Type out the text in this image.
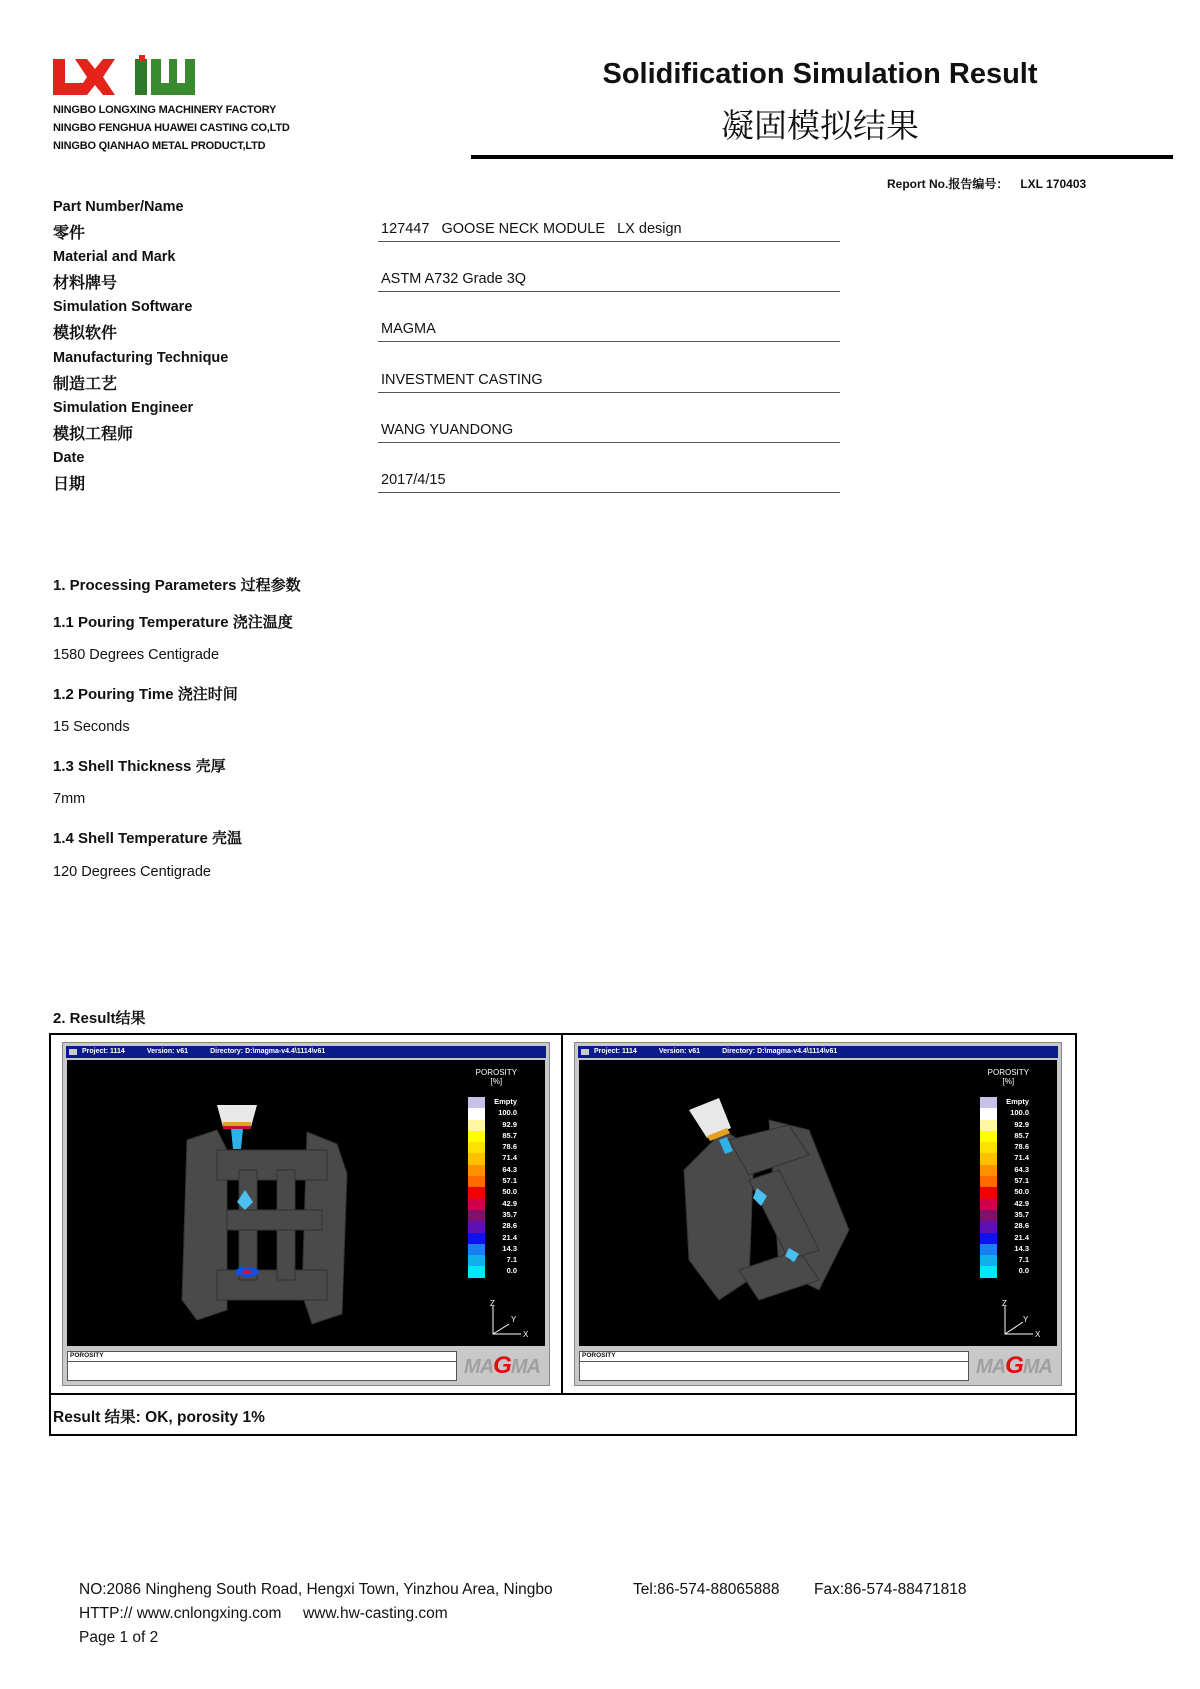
NINGBO LONGXING MACHINERY FACTORY
NINGBO FENGHUA HUAWEI CASTING CO,LTD
NINGBO QIANHAO METAL PRODUCT,LTD
Solidification Simulation Result
凝固模拟结果
Report No.报告编号： LXL 170403
Part Number/Name
零件	127447   GOOSE NECK MODULE   LX design
Material and Mark
材料牌号	ASTM A732 Grade 3Q
Simulation Software
模拟软件	MAGMA
Manufacturing Technique
制造工艺	INVESTMENT CASTING
Simulation Engineer
模拟工程师	WANG YUANDONG
Date
日期	2017/4/15
1. Processing Parameters 过程参数
1.1 Pouring Temperature 浇注温度
1580 Degrees Centigrade
1.2 Pouring Time 浇注时间
15 Seconds
1.3 Shell Thickness 壳厚
7mm
1.4 Shell Temperature 壳温
120 Degrees Centigrade
2. Result结果
Result 结果: OK, porosity 1%
Project: 1114	Version: v61	Directory: D:\magma-v4.4\1114\v61
POROSITY
[%]
Empty
100.0
92.9
85.7
78.6
71.4
64.3
57.1
50.0
42.9
35.7
28.6
21.4
14.3
7.1
0.0
Z
Y
X
POROSITY
MAGMA
Project: 1114	Version: v61	Directory: D:\magma-v4.4\1114\v61
POROSITY
[%]
Empty
100.0
92.9
85.7
78.6
71.4
64.3
57.1
50.0
42.9
35.7
28.6
21.4
14.3
7.1
0.0
Z
Y
X
POROSITY
MAGMA
NO:2086 Ningheng South Road, Hengxi Town, Yinzhou Area, Ningbo	Tel:86-574-88065888 Fax:86-574-88471818
HTTP:// www.cnlongxing.com     www.hw-casting.com
Page 1 of 2
